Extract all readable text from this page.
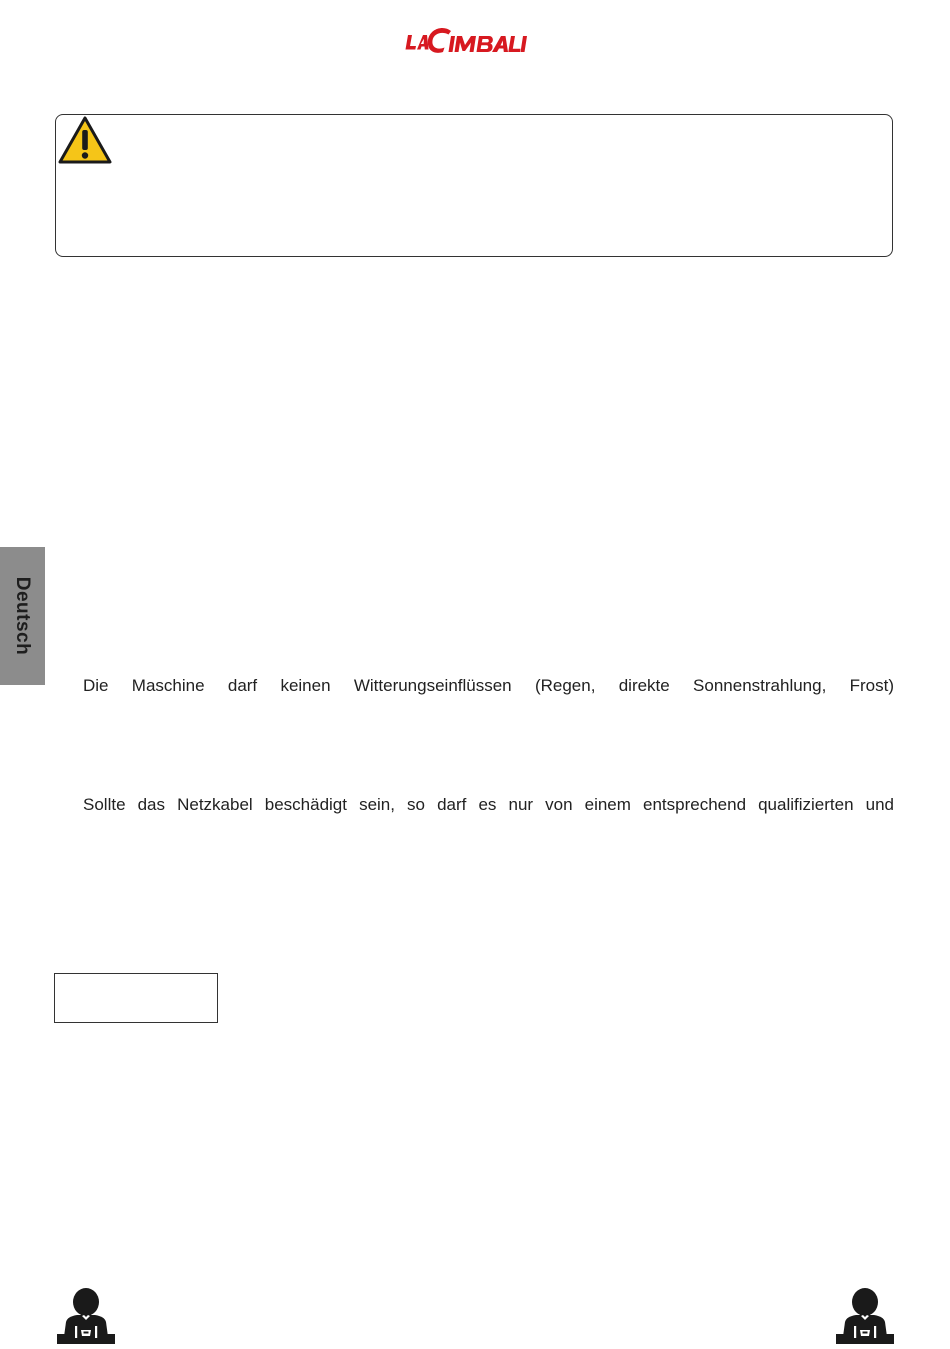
Deutsch

Die Maschine darf keinen Witterungseinflüssen (Regen, direkte Sonnenstrahlung, Frost)

Sollte das Netzkabel beschädigt sein, so darf es nur von einem entsprechend qualifizierten und
